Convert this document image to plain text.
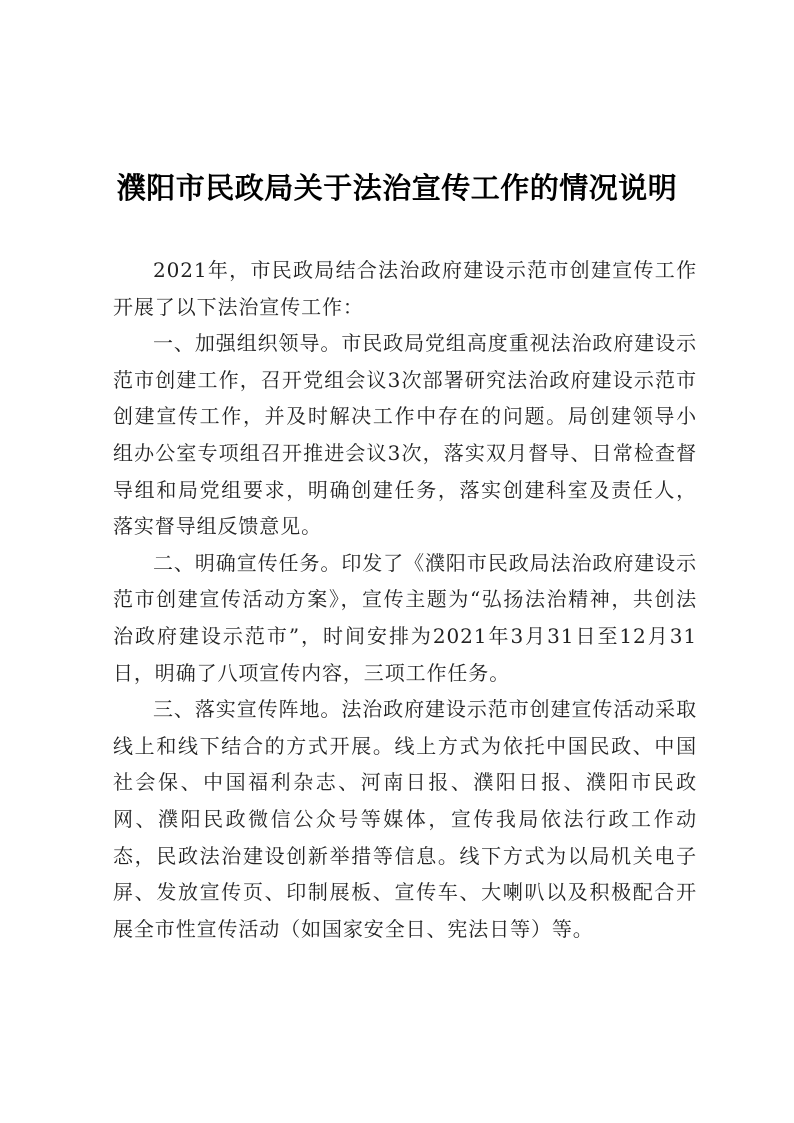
濮阳市民政局关于法治宣传工作的情况说明

2021年，市民政局结合法治政府建设示范市创建宣传工作开展了以下法治宣传工作：

一、加强组织领导。市民政局党组高度重视法治政府建设示范市创建工作，召开党组会议3次部署研究法治政府建设示范市创建宣传工作，并及时解决工作中存在的问题。局创建领导小组办公室专项组召开推进会议3次，落实双月督导、日常检查督导组和局党组要求，明确创建任务，落实创建科室及责任人，落实督导组反馈意见。

二、明确宣传任务。印发了《濮阳市民政局法治政府建设示范市创建宣传活动方案》，宣传主题为“弘扬法治精神，共创法治政府建设示范市”，时间安排为2021年3月31日至12月31日，明确了八项宣传内容，三项工作任务。

三、落实宣传阵地。法治政府建设示范市创建宣传活动采取线上和线下结合的方式开展。线上方式为依托中国民政、中国社会保、中国福利杂志、河南日报、濮阳日报、濮阳市民政网、濮阳民政微信公众号等媒体，宣传我局依法行政工作动态，民政法治建设创新举措等信息。线下方式为以局机关电子屏、发放宣传页、印制展板、宣传车、大喇叭以及积极配合开展全市性宣传活动（如国家安全日、宪法日等）等。
